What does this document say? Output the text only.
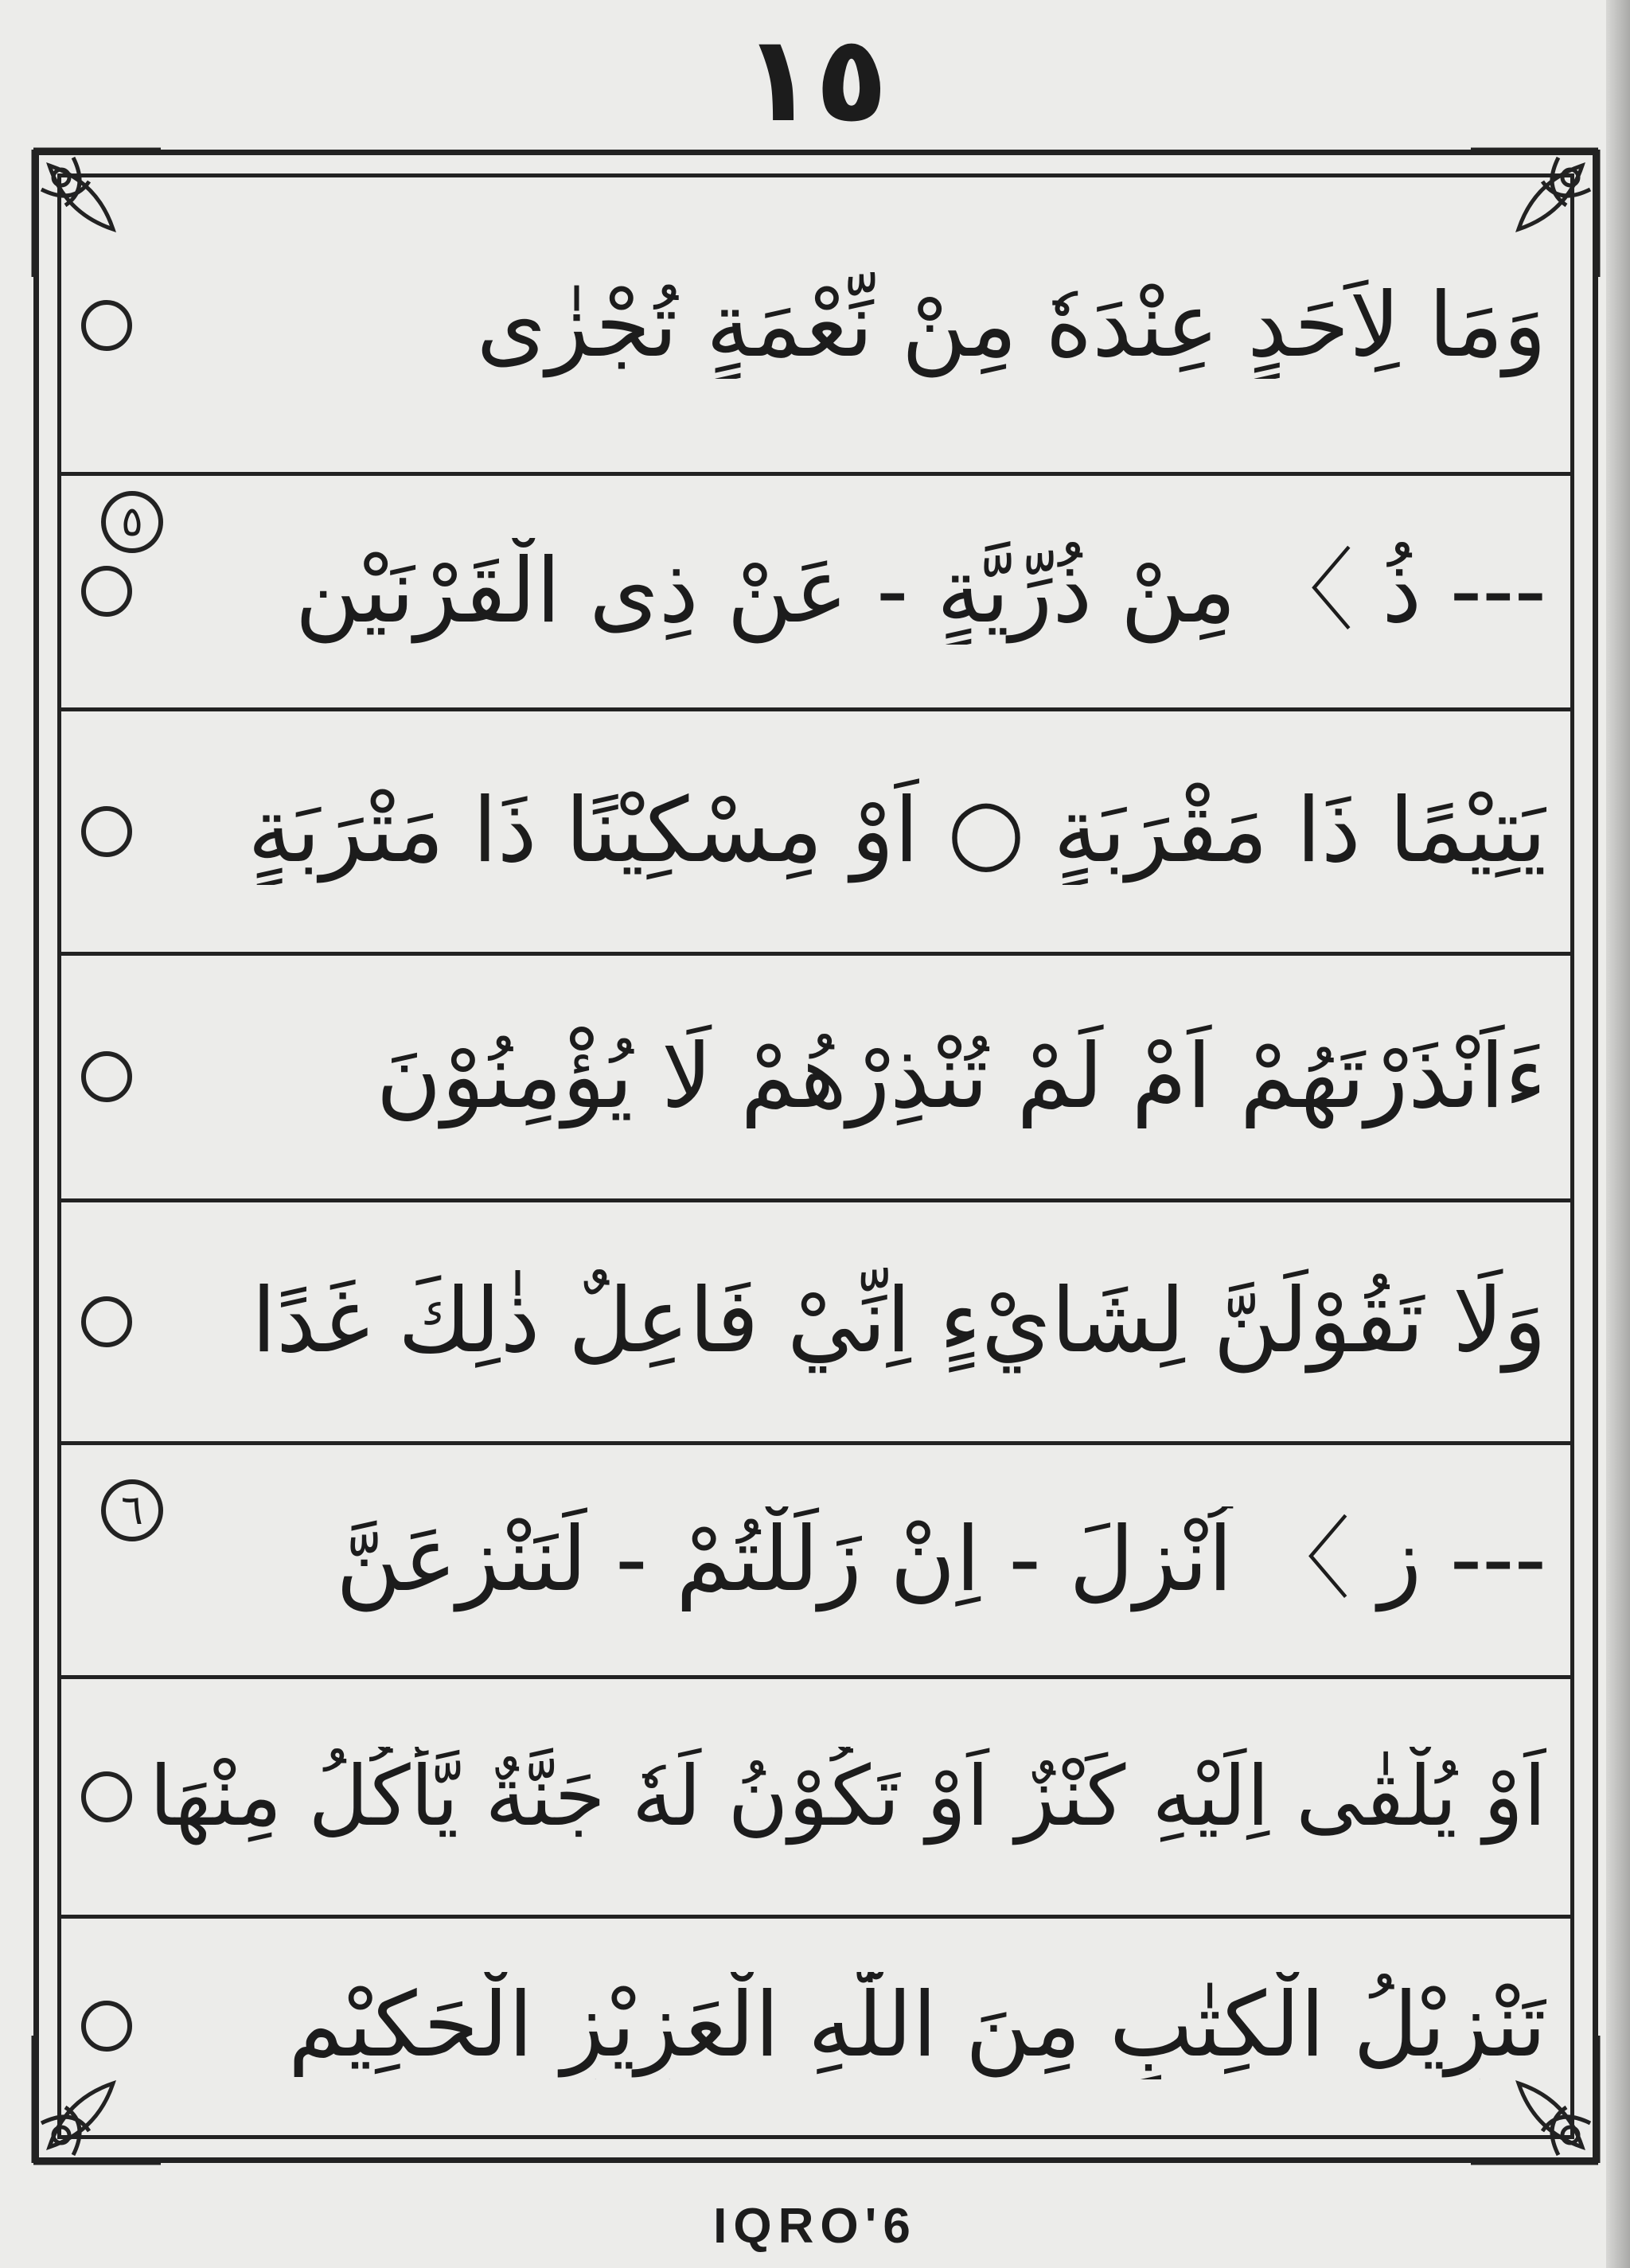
١٥
وَمَا لِاَحَدٍ عِنْدَهٗ مِنْ نِّعْمَةٍ تُجْزٰى
--- ذُ 〉 مِنْ ذُرِّيَّةٍ - عَنْ ذِى الْقَرْنَيْنِ
٥
يَتِيْمًا ذَا مَقْرَبَةٍ ○ اَوْ مِسْكِيْنًا ذَا مَتْرَبَةٍ
ءَاَنْذَرْتَهُمْ اَمْ لَمْ تُنْذِرْهُمْ لَا يُؤْمِنُوْنَ
وَلَا تَقُوْلَنَّ لِشَايْءٍ اِنِّيْ فَاعِلٌ ذٰلِكَ غَدًا
--- زِ 〉 اُنْزِلَ - اِنْ زَلَلْتُمْ - لَنَنْزِعَنَّ
٦
اَوْ يُلْقٰى اِلَيْهِ كَنْزٌ اَوْ تَكُوْنُ لَهٗ جَنَّةٌ يَّأْكُلُ مِنْهَا
تَنْزِيْلُ الْكِتٰبِ مِنَ اللّٰهِ الْعَزِيْزِ الْحَكِيْمِ
IQRO'6
